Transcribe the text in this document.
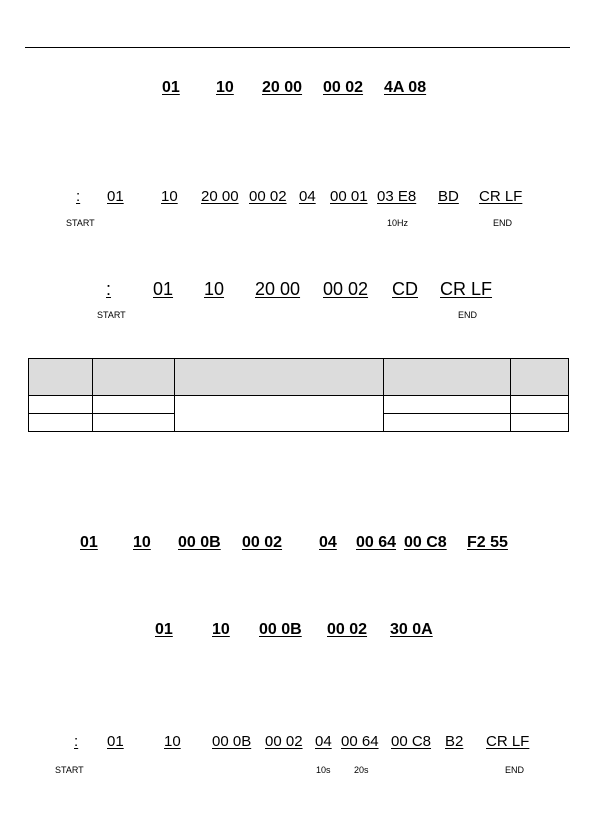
01 10 20 00 00 02 4A 08
: 01 10 20 00 00 02 04 00 01 03 E8 BD CR LF
START	10Hz	END
: 01 10 20 00 00 02 CD CR LF
START	END

01 10 00 0B 00 02 04 00 64 00 C8 F2 55
01 10 00 0B 00 02 30 0A
: 01	10 00 0B 00 02 04 00 64 00 C8 B2 CR LF
START	10s	20s	END
